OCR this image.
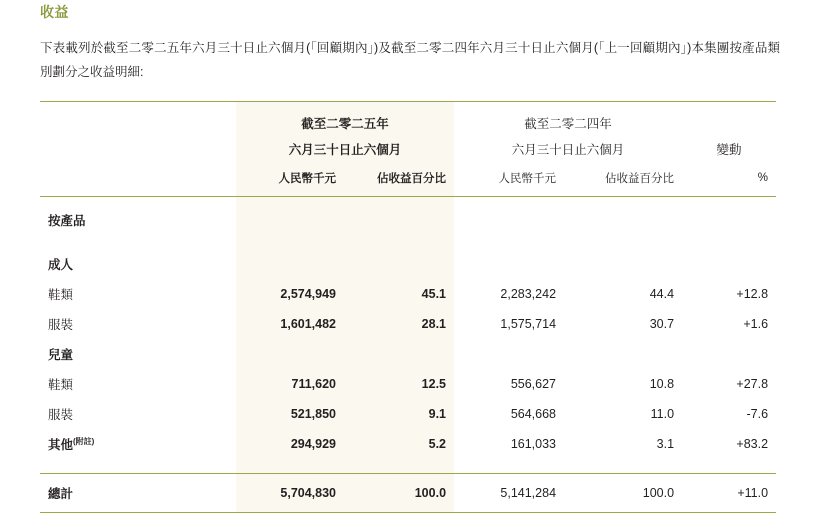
收益
下表載列於截至二零二五年六月三十日止六個月(「回顧期內」)及截至二零二四年六月三十日止六個月(「上一回顧期內」)本集團按產品類別劃分之收益明細:
	截至二零二五年		截至二零二四年		
	六月三十日止六個月		六月三十日止六個月		變動
	人民幣千元	佔收益百分比	人民幣千元	佔收益百分比	%

按產品					

成人					
鞋類	2,574,949	45.1	2,283,242	44.4	+12.8
服裝	1,601,482	28.1	1,575,714	30.7	+1.6
兒童					
鞋類	711,620	12.5	556,627	10.8	+27.8
服裝	521,850	9.1	564,668	11.0	-7.6
其他$^{(附註)}$	294,929	5.2	161,033	3.1	+83.2

總計	5,704,830	100.0	5,141,284	100.0	+11.0
